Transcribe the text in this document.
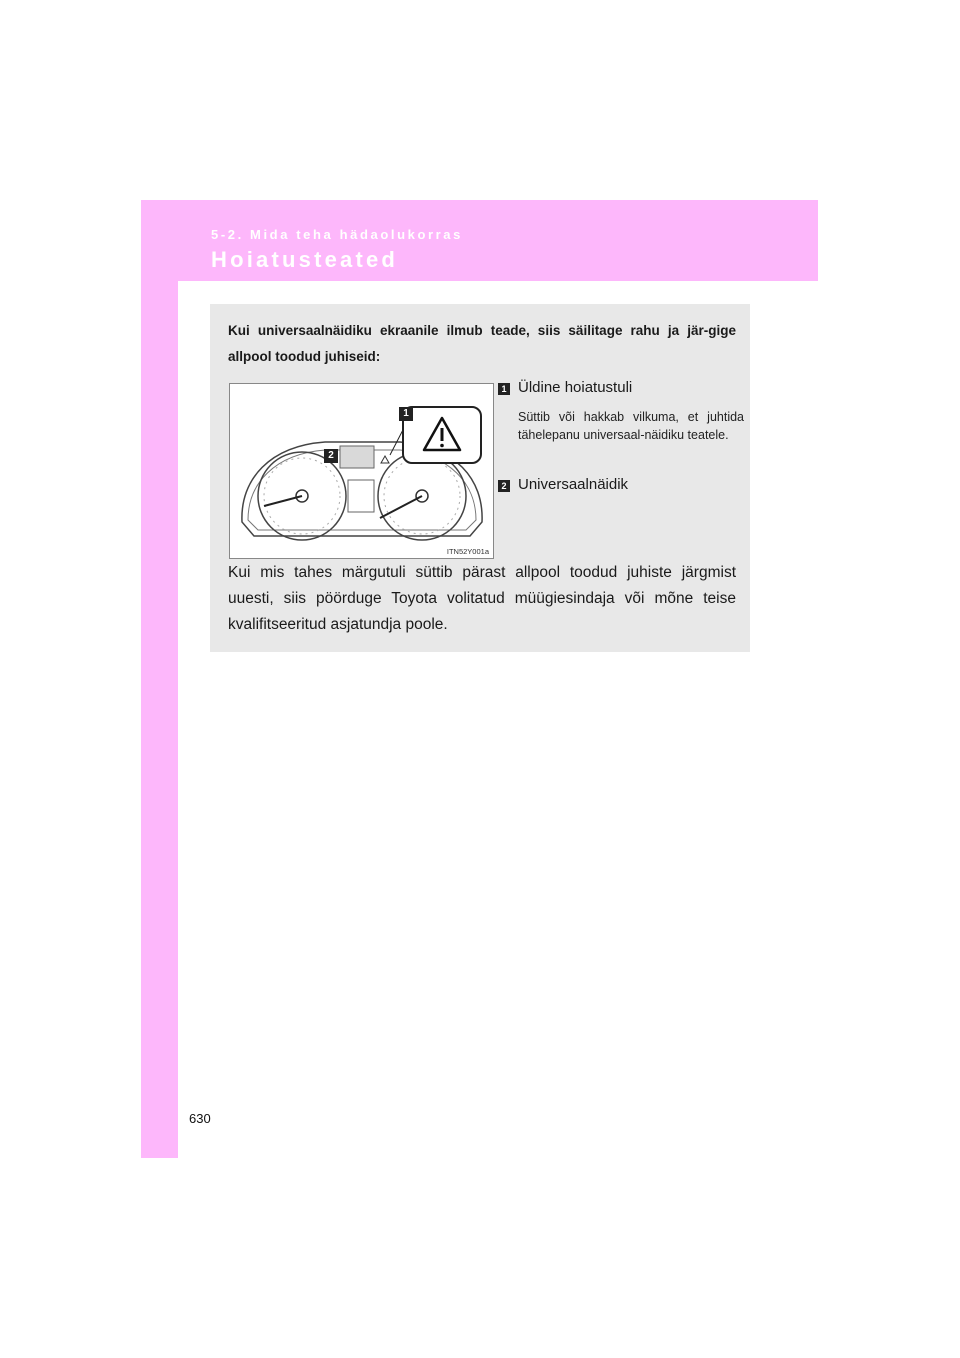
5-2. Mida teha hädaolukorras
Hoiatusteated
Kui universaalnäidiku ekraanile ilmub teade, siis säilitage rahu ja jär-gige allpool toodud juhiseid:
1
2
ITN52Y001a
1 Üldine hoiatustuli
Süttib või hakkab vilkuma, et juhtida tähelepanu universaal-näidiku teatele.
2 Universaalnäidik
Kui mis tahes märgutuli süttib pärast allpool toodud juhiste järgmist uuesti, siis pöörduge Toyota volitatud müügiesindaja või mõne teise kvalifitseeritud asjatundja poole.
630
